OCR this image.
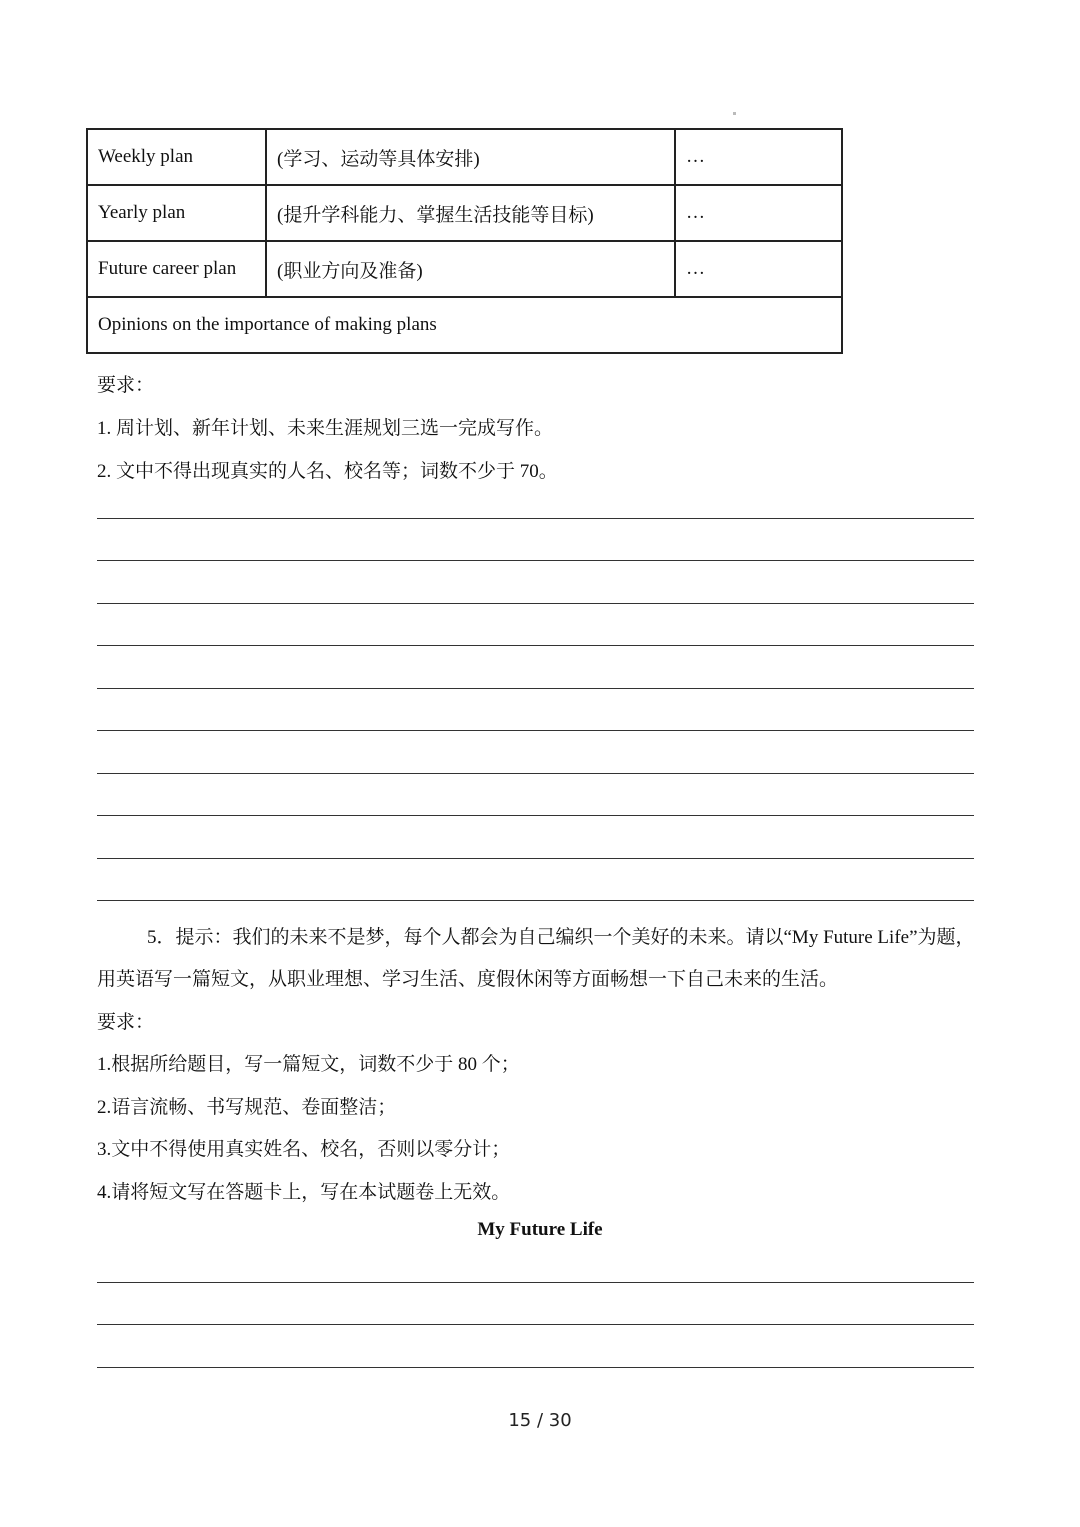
Weekly plan	(学习、运动等具体安排)	…
Yearly plan	(提升学科能力、掌握生活技能等目标)	…
Future career plan	(职业方向及准备)	…
Opinions on the importance of making plans		
要求：
1. 周计划、新年计划、未来生涯规划三选一完成写作。
2. 文中不得出现真实的人名、校名等；词数不少于 70。
5．提示：我们的未来不是梦，每个人都会为自己编织一个美好的未来。请以“My Future Life”为题，
用英语写一篇短文，从职业理想、学习生活、度假休闲等方面畅想一下自己未来的生活。
要求：
1.根据所给题目，写一篇短文，词数不少于 80 个；
2.语言流畅、书写规范、卷面整洁；
3.文中不得使用真实姓名、校名，否则以零分计；
4.请将短文写在答题卡上，写在本试题卷上无效。
My Future Life
15 / 30
